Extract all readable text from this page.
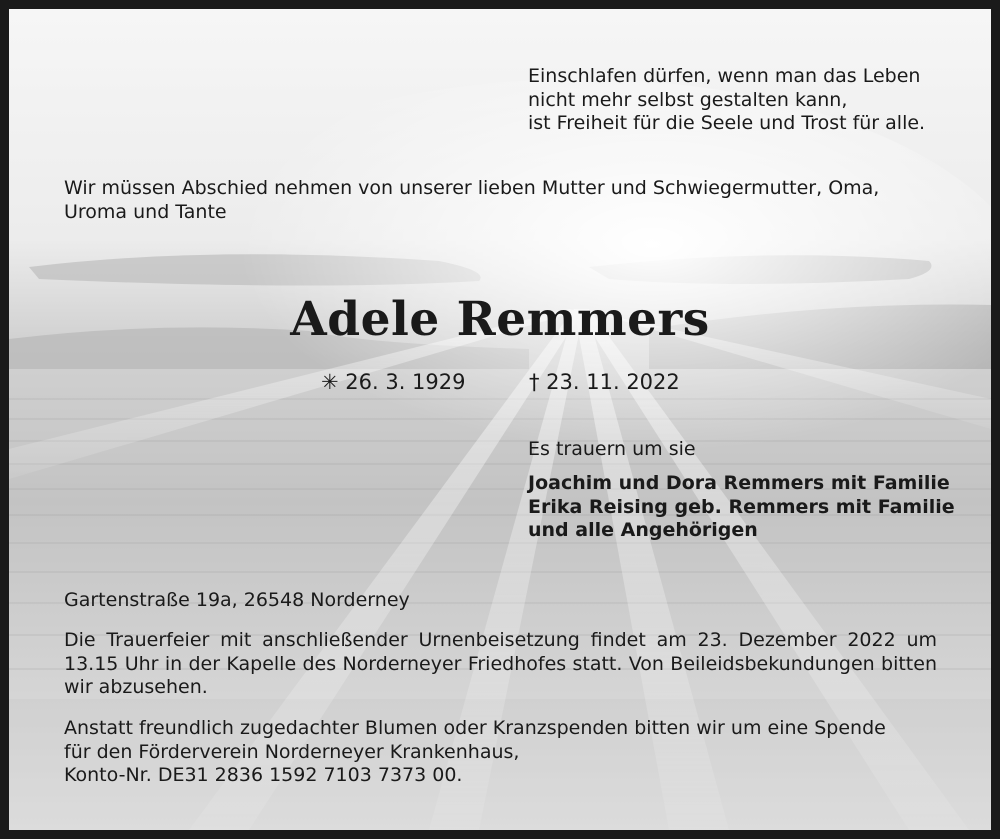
Einschlafen dürfen, wenn man das Leben
nicht mehr selbst gestalten kann,
ist Freiheit für die Seele und Trost für alle.
Wir müssen Abschied nehmen von unserer lieben Mutter und Schwiegermutter, Oma,
Uroma und Tante
Adele Remmers
✳ 26. 3. 1929	† 23. 11. 2022
Es trauern um sie
Joachim und Dora Remmers mit Familie
Erika Reising geb. Remmers mit Familie
und alle Angehörigen
Gartenstraße 19a, 26548 Norderney
Die Trauerfeier mit anschließender Urnenbeisetzung findet am 23. Dezember 2022 um 13.15 Uhr in der Kapelle des Norderneyer Friedhofes statt. Von Beileidsbekundungen bitten wir abzusehen.
Anstatt freundlich zugedachter Blumen oder Kranzspenden bitten wir um eine Spende
für den Förderverein Norderneyer Krankenhaus,
Konto-Nr. DE31 2836 1592 7103 7373 00.
